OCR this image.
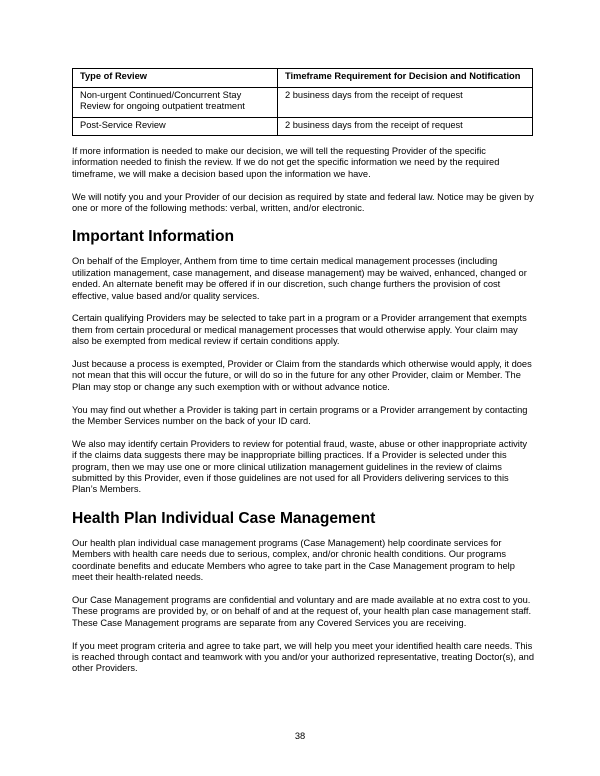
Type of Review	Timeframe Requirement for Decision and Notification
Non-urgent Continued/Concurrent Stay Review for ongoing outpatient treatment	2 business days from the receipt of request
Post-Service Review	2 business days from the receipt of request

If more information is needed to make our decision, we will tell the requesting Provider of the specific information needed to finish the review. If we do not get the specific information we need by the required timeframe, we will make a decision based upon the information we have.

We will notify you and your Provider of our decision as required by state and federal law. Notice may be given by one or more of the following methods: verbal, written, and/or electronic.

Important Information

On behalf of the Employer, Anthem from time to time certain medical management processes (including utilization management, case management, and disease management) may be waived, enhanced, changed or ended. An alternate benefit may be offered if in our discretion, such change furthers the provision of cost effective, value based and/or quality services.

Certain qualifying Providers may be selected to take part in a program or a Provider arrangement that exempts them from certain procedural or medical management processes that would otherwise apply. Your claim may also be exempted from medical review if certain conditions apply.

Just because a process is exempted, Provider or Claim from the standards which otherwise would apply, it does not mean that this will occur the future, or will do so in the future for any other Provider, claim or Member. The Plan may stop or change any such exemption with or without advance notice.

You may find out whether a Provider is taking part in certain programs or a Provider arrangement by contacting the Member Services number on the back of your ID card.

We also may identify certain Providers to review for potential fraud, waste, abuse or other inappropriate activity if the claims data suggests there may be inappropriate billing practices. If a Provider is selected under this program, then we may use one or more clinical utilization management guidelines in the review of claims submitted by this Provider, even if those guidelines are not used for all Providers delivering services to this Plan’s Members.

Health Plan Individual Case Management

Our health plan individual case management programs (Case Management) help coordinate services for Members with health care needs due to serious, complex, and/or chronic health conditions. Our programs coordinate benefits and educate Members who agree to take part in the Case Management program to help meet their health-related needs.

Our Case Management programs are confidential and voluntary and are made available at no extra cost to you. These programs are provided by, or on behalf of and at the request of, your health plan case management staff. These Case Management programs are separate from any Covered Services you are receiving.

If you meet program criteria and agree to take part, we will help you meet your identified health care needs. This is reached through contact and teamwork with you and/or your authorized representative, treating Doctor(s), and other Providers.

38
